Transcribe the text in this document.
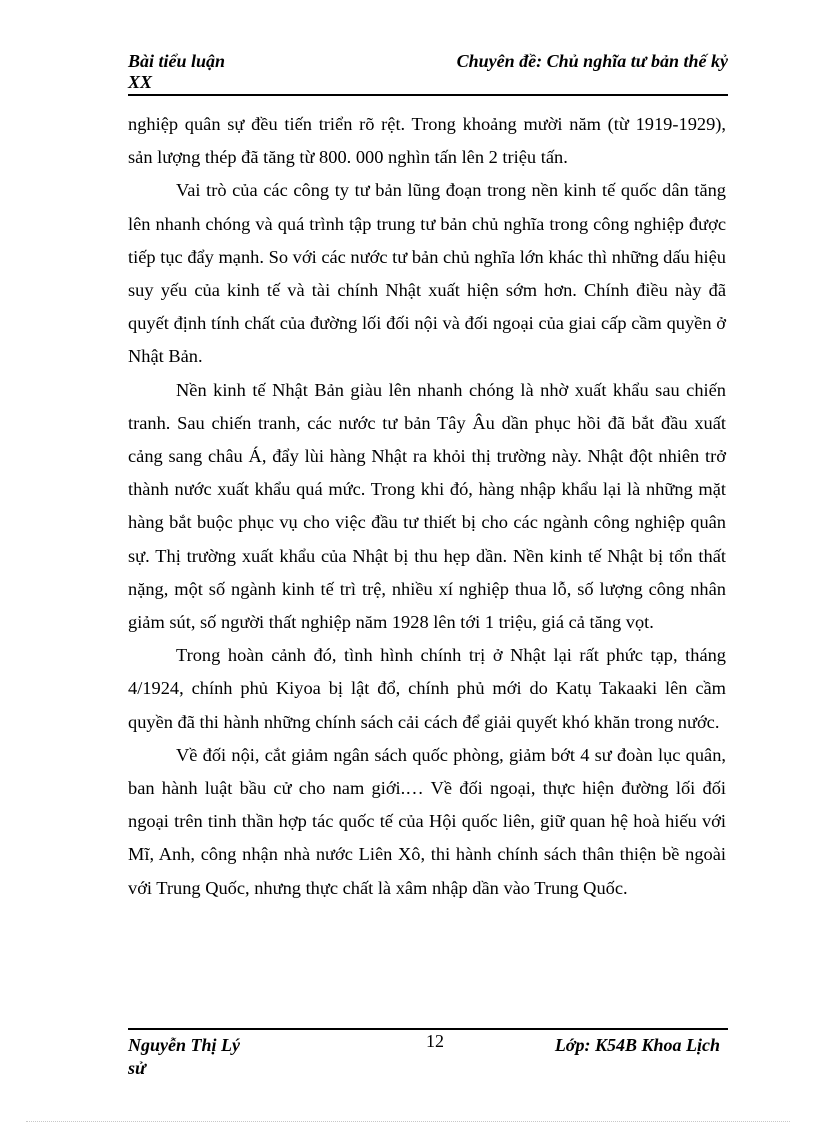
Bài tiểu luận
XX
Chuyên đề: Chủ nghĩa tư bản thế kỷ

nghiệp quân sự đều tiến triển rõ rệt. Trong khoảng mười năm (từ 1919-1929), sản lượng thép đã tăng từ 800. 000 nghìn tấn lên 2 triệu tấn.

Vai trò của các công ty tư bản lũng đoạn trong nền kinh tế quốc dân tăng lên nhanh chóng và quá trình tập trung tư bản chủ nghĩa trong công nghiệp được tiếp tục đẩy mạnh. So với các nước tư bản chủ nghĩa lớn khác thì những dấu hiệu suy yếu của kinh tế và tài chính Nhật xuất hiện sớm hơn. Chính điều này đã quyết định tính chất của đường lối đối nội và đối ngoại của giai cấp cầm quyền ở Nhật Bản.

Nền kinh tế Nhật Bản giàu lên nhanh chóng là nhờ xuất khẩu sau chiến tranh. Sau chiến tranh, các nước tư bản Tây Âu dần phục hồi đã bắt đầu xuất cảng sang châu Á, đẩy lùi hàng Nhật ra khỏi thị trường này. Nhật đột nhiên trở thành nước xuất khẩu quá mức. Trong khi đó, hàng nhập khẩu lại là những mặt hàng bắt buộc phục vụ cho việc đầu tư thiết bị cho các ngành công nghiệp quân sự. Thị trường xuất khẩu của Nhật bị thu hẹp dần. Nền kinh tế Nhật bị tổn thất nặng, một số ngành kinh tế trì trệ, nhiều xí nghiệp thua lỗ, số lượng công nhân giảm sút, số người thất nghiệp năm 1928 lên tới 1 triệu, giá cả tăng vọt.

Trong hoàn cảnh đó, tình hình chính trị ở Nhật lại rất phức tạp, tháng 4/1924, chính phủ Kiyoa bị lật đổ, chính phủ mới do Katụ Takaaki lên cầm quyền đã thi hành những chính sách cải cách để giải quyết khó khăn trong nước.

Về đối nội, cắt giảm ngân sách quốc phòng, giảm bớt 4 sư đoàn lục quân, ban hành luật bầu cử cho nam giới.… Về đối ngoại, thực hiện đường lối đối ngoại trên tinh thần hợp tác quốc tế của Hội quốc liên, giữ quan hệ hoà hiếu với Mĩ, Anh, công nhận nhà nước Liên Xô, thi hành chính sách thân thiện bề ngoài với Trung Quốc, nhưng thực chất là xâm nhập dần vào Trung Quốc.

Nguyễn Thị Lý
sử
12	Lớp: K54B Khoa Lịch
